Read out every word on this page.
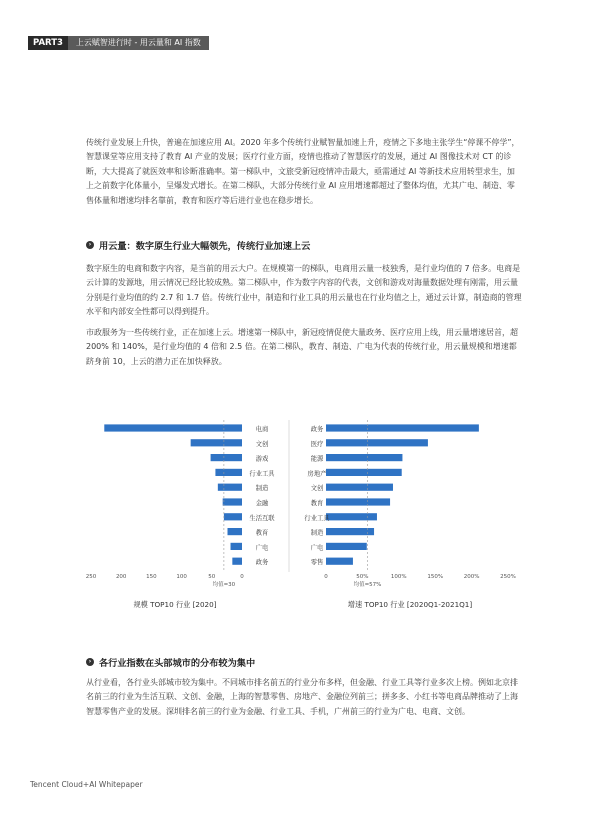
PART3	上云赋智进行时 - 用云量和 AI 指数

传统行业发展上升快，普遍在加速应用 AI。2020 年多个传统行业赋智量加速上升，疫情之下多地主张学生“停课不停学”，智慧课堂等应用支持了教育 AI 产业的发展；医疗行业方面，疫情也推动了智慧医疗的发展，通过 AI 图像技术对 CT 的诊断，大大提高了就医效率和诊断准确率。第一梯队中，文旅受新冠疫情冲击最大，亟需通过 AI 等新技术应用转型求生，加上之前数字化体量小，呈爆发式增长。在第二梯队，大部分传统行业 AI 应用增速都超过了整体均值，尤其广电、制造、零售体量和增速均排名靠前，教育和医疗等后进行业也在稳步增长。

› 用云量：数字原生行业大幅领先，传统行业加速上云

数字原生的电商和数字内容，是当前的用云大户。在规模第一的梯队，电商用云量一枝独秀，是行业均值的 7 倍多。电商是云计算的发源地，用云情况已经比较成熟。第二梯队中，作为数字内容的代表，文创和游戏对海量数据处理有刚需，用云量分别是行业均值的约 2.7 和 1.7 倍。传统行业中，制造和行业工具的用云量也在行业均值之上，通过云计算，制造商的管理水平和内部安全性都可以得到提升。

市政服务为一些传统行业，正在加速上云。增速第一梯队中，新冠疫情促使大量政务、医疗应用上线，用云量增速居首，超 200% 和 140%，是行业均值的 4 倍和 2.5 倍。在第二梯队，教育、制造、广电为代表的传统行业，用云量规模和增速都跻身前 10，上云的潜力正在加快释放。

电商
文创
游戏
行业工具
制造
金融
生活互联
教育
广电
政务
均值=30
250	200	150	100	50	0
规模 TOP10 行业 [2020]
政务
医疗
能源
房地产
文创
教育
行业工具
制造
广电
零售
均值=57%
0	50%	100%	150%	200%	250%
增速 TOP10 行业 [2020Q1-2021Q1]
› 各行业指数在头部城市的分布较为集中

从行业看，各行业头部城市较为集中。不同城市排名前五的行业分布多样，但金融、行业工具等行业多次上榜。例如北京排名前三的行业为生活互联、文创、金融，上海的智慧零售、房地产、金融位列前三；拼多多、小红书等电商品牌推动了上海智慧零售产业的发展。深圳排名前三的行业为金融、行业工具、手机，广州前三的行业为广电、电商、文创。

Tencent Cloud+AI Whitepaper
